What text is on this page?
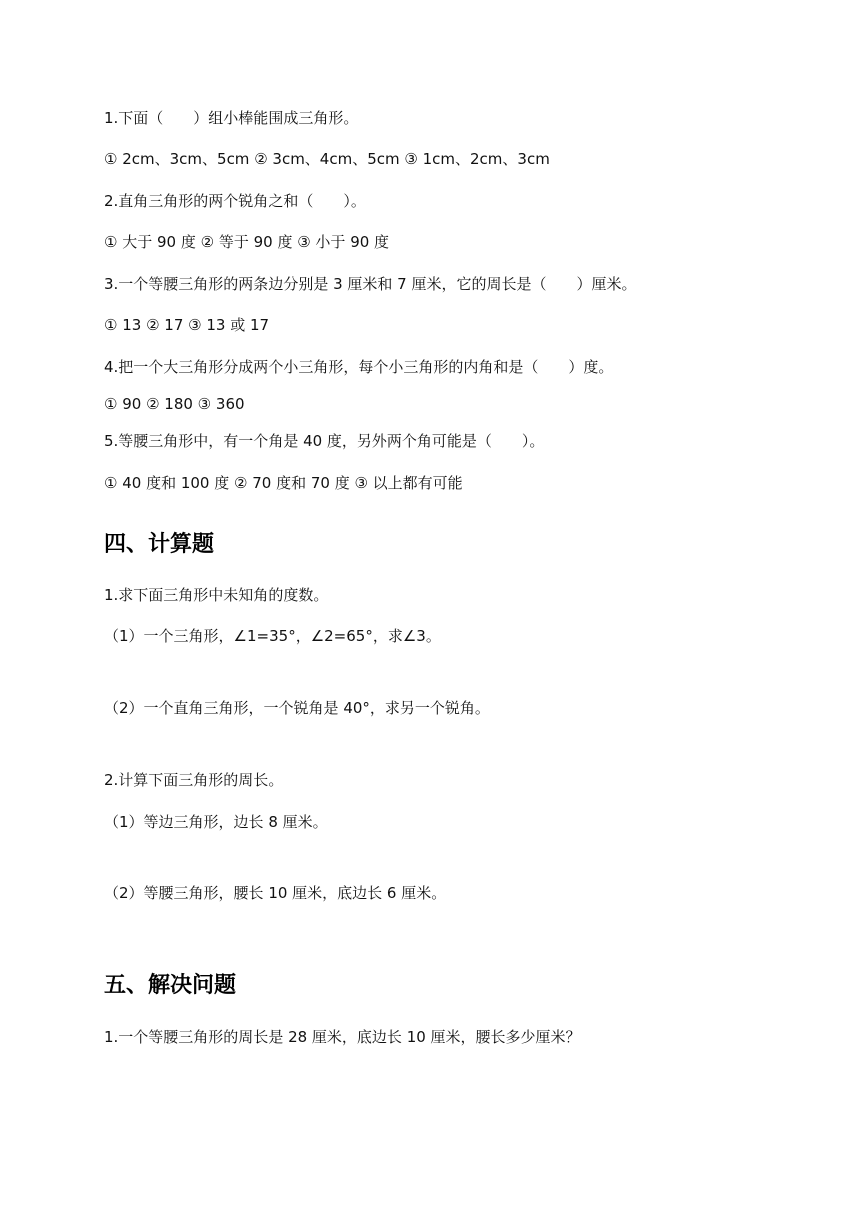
1.下面（　　）组小棒能围成三角形。
① 2cm、3cm、5cm ② 3cm、4cm、5cm ③ 1cm、2cm、3cm
2.直角三角形的两个锐角之和（　　）。
① 大于 90 度 ② 等于 90 度 ③ 小于 90 度
3.一个等腰三角形的两条边分别是 3 厘米和 7 厘米，它的周长是（　　）厘米。
① 13 ② 17 ③ 13 或 17
4.把一个大三角形分成两个小三角形，每个小三角形的内角和是（　　）度。
① 90 ② 180 ③ 360
5.等腰三角形中，有一个角是 40 度，另外两个角可能是（　　）。
① 40 度和 100 度 ② 70 度和 70 度 ③ 以上都有可能
四、计算题
1.求下面三角形中未知角的度数。
（1）一个三角形，∠1=35°，∠2=65°，求∠3。
（2）一个直角三角形，一个锐角是 40°，求另一个锐角。
2.计算下面三角形的周长。
（1）等边三角形，边长 8 厘米。
（2）等腰三角形，腰长 10 厘米，底边长 6 厘米。
五、解决问题
1.一个等腰三角形的周长是 28 厘米，底边长 10 厘米，腰长多少厘米？
